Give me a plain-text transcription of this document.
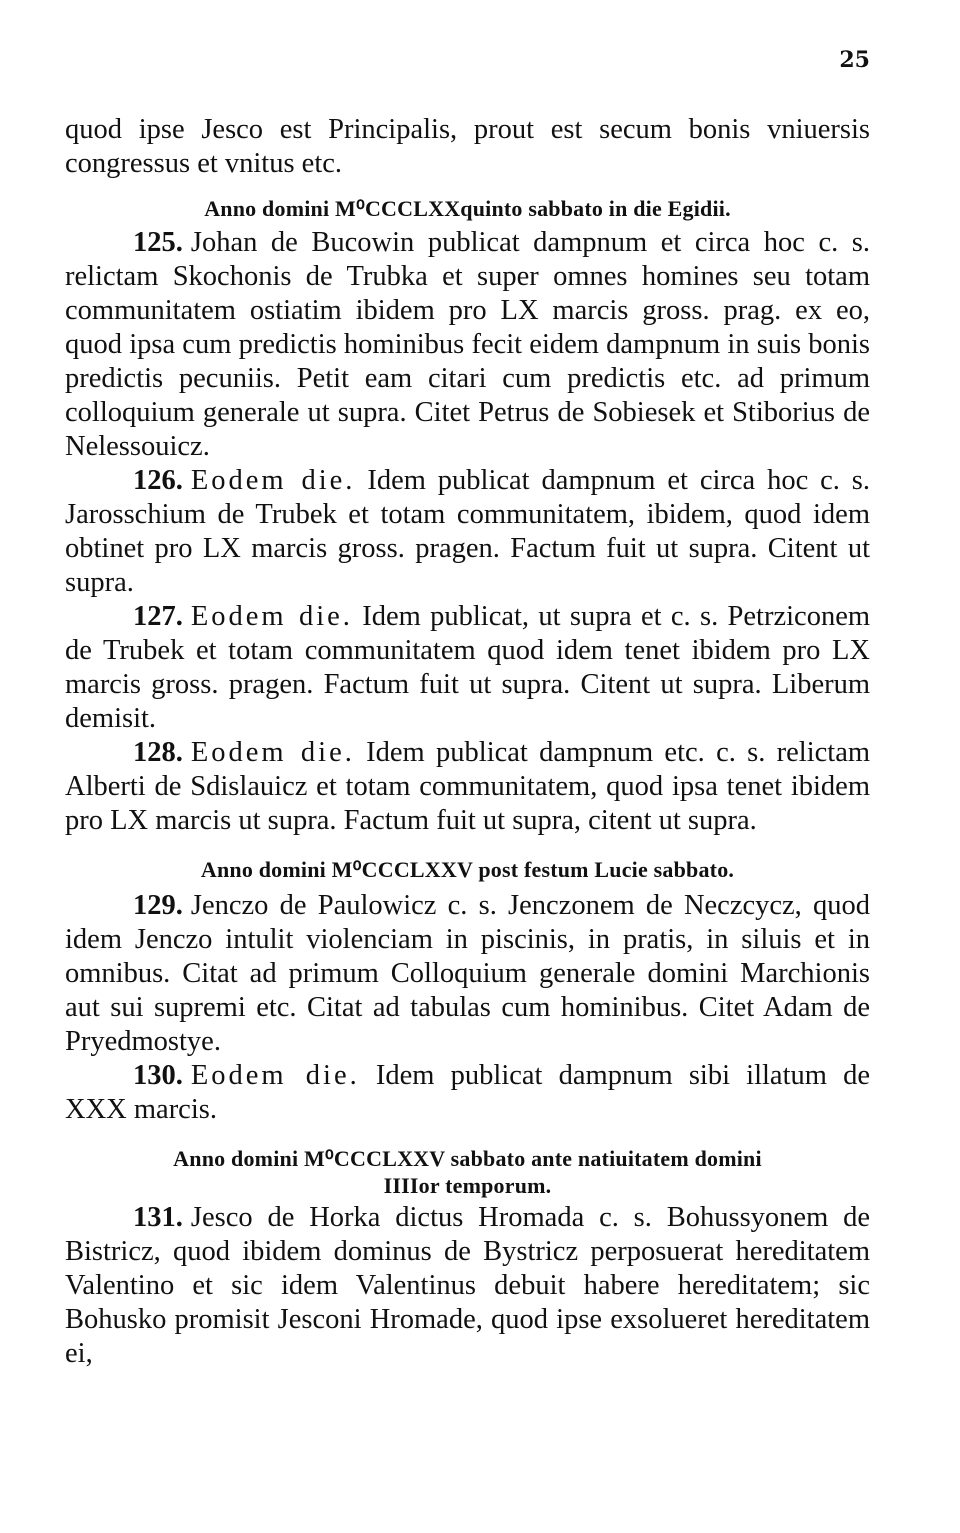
25

quod ipse Jesco est Principalis, prout est secum bonis vniuersis congressus et vnitus etc.

Anno domini M⁰CCCLXXquinto sabbato in die Egidii.

125. Johan de Bucowin publicat dampnum et circa hoc c. s. relictam Skochonis de Trubka et super omnes homines seu totam communitatem ostiatim ibidem pro LX marcis gross. prag. ex eo, quod ipsa cum predictis hominibus fecit eidem dampnum in suis bonis predictis pecuniis. Petit eam citari cum predictis etc. ad primum colloquium generale ut supra. Citet Petrus de Sobiesek et Stiborius de Nelessouicz.

126. Eodem die. Idem publicat dampnum et circa hoc c. s. Jarosschium de Trubek et totam communitatem, ibidem, quod idem obtinet pro LX marcis gross. pragen. Factum fuit ut supra. Citent ut supra.

127. Eodem die. Idem publicat, ut supra et c. s. Petrziconem de Trubek et totam communitatem quod idem tenet ibidem pro LX marcis gross. pragen. Factum fuit ut supra. Citent ut supra. Liberum demisit.

128. Eodem die. Idem publicat dampnum etc. c. s. relictam Alberti de Sdislauicz et totam communitatem, quod ipsa tenet ibidem pro LX marcis ut supra. Factum fuit ut supra, citent ut supra.

Anno domini M⁰CCCLXXV post festum Lucie sabbato.

129. Jenczo de Paulowicz c. s. Jenczonem de Neczcycz, quod idem Jenczo intulit violenciam in piscinis, in pratis, in siluis et in omnibus. Citat ad primum Colloquium generale domini Marchionis aut sui supremi etc. Citat ad tabulas cum hominibus. Citet Adam de Pryedmostye.

130. Eodem die. Idem publicat dampnum sibi illatum de XXX marcis.

Anno domini M⁰CCCLXXV sabbato ante natiuitatem domini
IIIIor temporum.

131. Jesco de Horka dictus Hromada c. s. Bohussyonem de Bistricz, quod ibidem dominus de Bystricz perposuerat hereditatem Valentino et sic idem Valentinus debuit habere hereditatem; sic Bohusko promisit Jesconi Hromade, quod ipse exsolueret hereditatem ei,
